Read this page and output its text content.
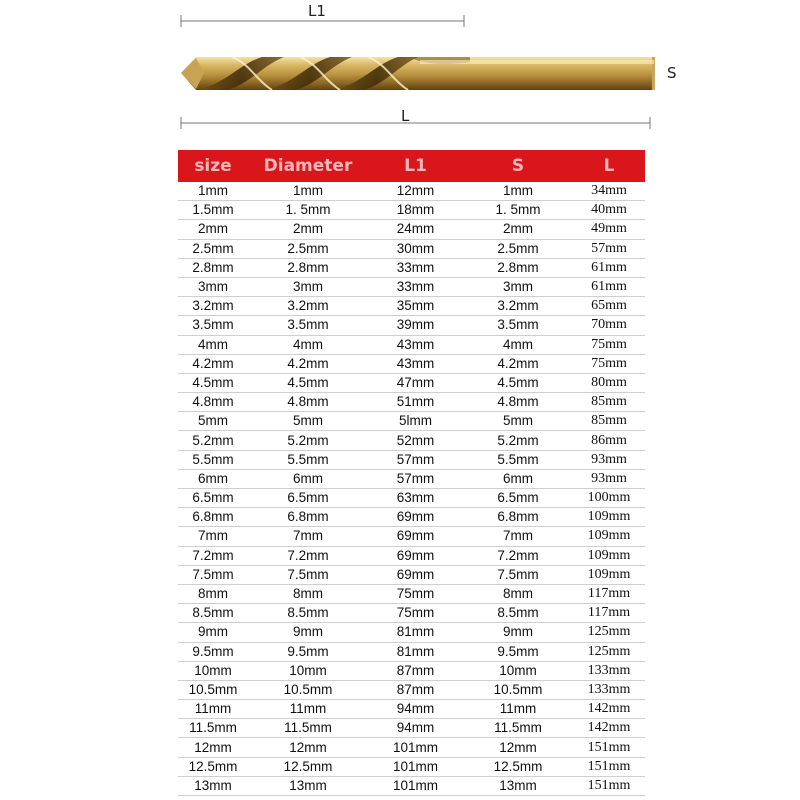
L1
S
L
size	Diameter	L1	S	L
1mm	1mm	12mm	1mm	34mm
1.5mm	1. 5mm	18mm	1. 5mm	40mm
2mm	2mm	24mm	2mm	49mm
2.5mm	2.5mm	30mm	2.5mm	57mm
2.8mm	2.8mm	33mm	2.8mm	61mm
3mm	3mm	33mm	3mm	61mm
3.2mm	3.2mm	35mm	3.2mm	65mm
3.5mm	3.5mm	39mm	3.5mm	70mm
4mm	4mm	43mm	4mm	75mm
4.2mm	4.2mm	43mm	4.2mm	75mm
4.5mm	4.5mm	47mm	4.5mm	80mm
4.8mm	4.8mm	51mm	4.8mm	85mm
5mm	5mm	5lmm	5mm	85mm
5.2mm	5.2mm	52mm	5.2mm	86mm
5.5mm	5.5mm	57mm	5.5mm	93mm
6mm	6mm	57mm	6mm	93mm
6.5mm	6.5mm	63mm	6.5mm	100mm
6.8mm	6.8mm	69mm	6.8mm	109mm
7mm	7mm	69mm	7mm	109mm
7.2mm	7.2mm	69mm	7.2mm	109mm
7.5mm	7.5mm	69mm	7.5mm	109mm
8mm	8mm	75mm	8mm	117mm
8.5mm	8.5mm	75mm	8.5mm	117mm
9mm	9mm	81mm	9mm	125mm
9.5mm	9.5mm	81mm	9.5mm	125mm
10mm	10mm	87mm	10mm	133mm
10.5mm	10.5mm	87mm	10.5mm	133mm
11mm	11mm	94mm	11mm	142mm
11.5mm	11.5mm	94mm	11.5mm	142mm
12mm	12mm	101mm	12mm	151mm
12.5mm	12.5mm	101mm	12.5mm	151mm
13mm	13mm	101mm	13mm	151mm
